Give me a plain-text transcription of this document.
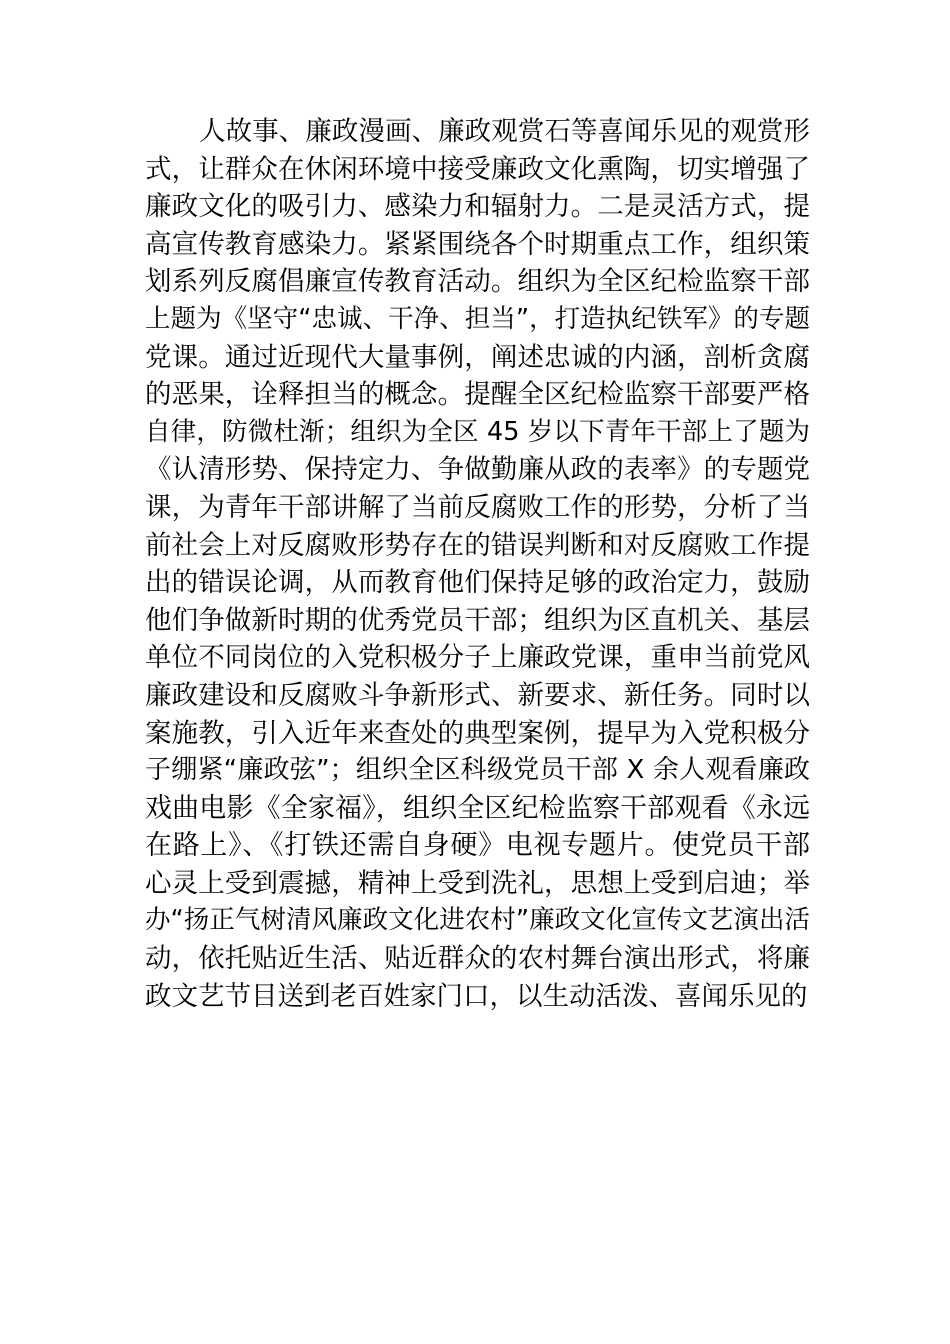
人故事、廉政漫画、廉政观赏石等喜闻乐见的观赏形
式，让群众在休闲环境中接受廉政文化熏陶，切实增强了
廉政文化的吸引力、感染力和辐射力。二是灵活方式，提
高宣传教育感染力。紧紧围绕各个时期重点工作，组织策
划系列反腐倡廉宣传教育活动。组织为全区纪检监察干部
上题为《坚守“忠诚、干净、担当”，打造执纪铁军》的专题
党课。通过近现代大量事例，阐述忠诚的内涵，剖析贪腐
的恶果，诠释担当的概念。提醒全区纪检监察干部要严格
自律，防微杜渐；组织为全区 45 岁以下青年干部上了题为
《认清形势、保持定力、争做勤廉从政的表率》的专题党
课，为青年干部讲解了当前反腐败工作的形势，分析了当
前社会上对反腐败形势存在的错误判断和对反腐败工作提
出的错误论调，从而教育他们保持足够的政治定力，鼓励
他们争做新时期的优秀党员干部；组织为区直机关、基层
单位不同岗位的入党积极分子上廉政党课，重申当前党风
廉政建设和反腐败斗争新形式、新要求、新任务。同时以
案施教，引入近年来查处的典型案例，提早为入党积极分
子绷紧“廉政弦”；组织全区科级党员干部 X 余人观看廉政
戏曲电影《全家福》，组织全区纪检监察干部观看《永远
在路上》、《打铁还需自身硬》电视专题片。使党员干部
心灵上受到震撼，精神上受到洗礼，思想上受到启迪；举
办“扬正气树清风廉政文化进农村”廉政文化宣传文艺演出活
动，依托贴近生活、贴近群众的农村舞台演出形式，将廉
政文艺节目送到老百姓家门口，以生动活泼、喜闻乐见的
